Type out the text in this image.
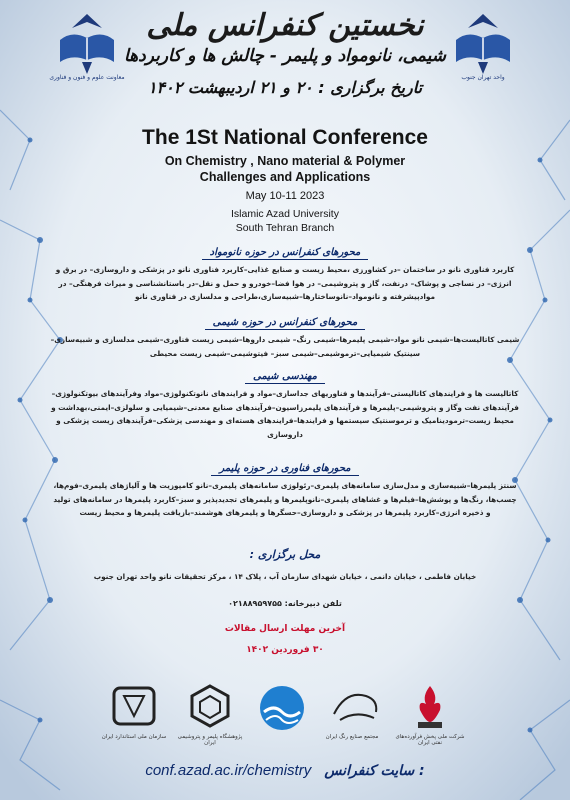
معاونت علوم و فنون و فناوری	واحد تهران جنوب
نخستین کنفرانس ملی
شیمی، نانومواد و پلیمر - چالش ها و کاربردها
تاریخ برگزاری : ۲۰ و ۲۱ اردیبهشت ۱۴۰۲
The 1St National Conference
On Chemistry , Nano material & Polymer
Challenges and Applications
May 10-11 2023
Islamic Azad University
South Tehran Branch
محورهای کنفرانس در حوزه نانومواد
کاربرد فناوری نانو در ساختمان –در کشاورزی ،محیط زیست و صنایع غذایی–کاربرد فناوری نانو در پزشکی و داروسازی– در برق و انرژی– در نساجی و پوشاک– درنفت، گاز و پتروشیمی– در هوا فضا–خودرو و حمل و نقل–در باستانشناسی و میراث فرهنگی– در موادپیشرفته و نانومواد–نانوساختارها–شبیه‌سازی،طراحی و مدلسازی در فناوری نانو
محورهای کنفرانس در حوزه شیمی
شیمی کاتالیست‌ها–شیمی نانو مواد–شیمی پلیمرها–شیمی رنگ– شیمی داروها–شیمی زیست فناوری–شیمی مدلسازی و شبیه‌سازی– سینتیک شیمیایی–ترموشیمی–شیمی سبز– فیتوشیمی–شیمی زیست محیطی
مهندسی شیمی
کاتالیست ها و فرایندهای کاتالیستی–فرآیندها و فناوریهای جداسازی–مواد و فرایندهای نانوتکنولوژی–مواد وفرآیندهای بیوتکنولوژی–فرآیندهای نفت وگاز و پتروشیمی–پلیمرها و فرآیندهای پلیمرزاسیون–فرآیندهای صنایع معدنی–شیمیایی و سلولزی–ایمنی،بهداشت و محیط زیست–ترمودینامیک و ترموسنتیک سیستمها و فرایندها–فرایندهای هسته‌ای و مهندسی پزشکی–فرآیندهای زیست پزشکی و داروسازی
محورهای فناوری در حوزه پلیمر
سنتز پلیمرها–شبیه‌سازی و مدل‌سازی سامانه‌های پلیمری–رئولوژی سامانه‌های پلیمری–نانو کامپوزیت ها و آلیاژهای پلیمری–فوم‌ها، چسب‌ها، رنگ‌ها و پوشش‌ها–فیلم‌ها و غشاهای پلیمری–نانوپلیمرها و پلیمرهای تجدیدپذیر و سبز–کاربرد پلیمرها در سامانه‌های تولید و ذخیره انرژی–کاربرد پلیمرها در پزشکی و داروسازی–حسگرها و پلیمرهای هوشمند–بازیافت پلیمرها و محیط زیست
محل برگزاری :
خیابان فاطمی ، خیابان دانمی ، خیابان شهدای سازمان آب ، پلاک ۱۴ ، مرکز تحقیقات نانو واحد تهران جنوب
تلفن دبیرخانه: ۰۲۱۸۸۹۵۹۷۵۵
آخرین مهلت ارسال مقالات
۳۰ فروردین ۱۴۰۲
شرکت ملی پخش فرآورده‌های نفتی ایران
مجتمع صنایع رنگ ایران
پژوهشگاه پلیمر و پتروشیمی ایران
سازمان ملی استاندارد ایران
conf.azad.ac.ir/chemistry سایت کنفرانس :
